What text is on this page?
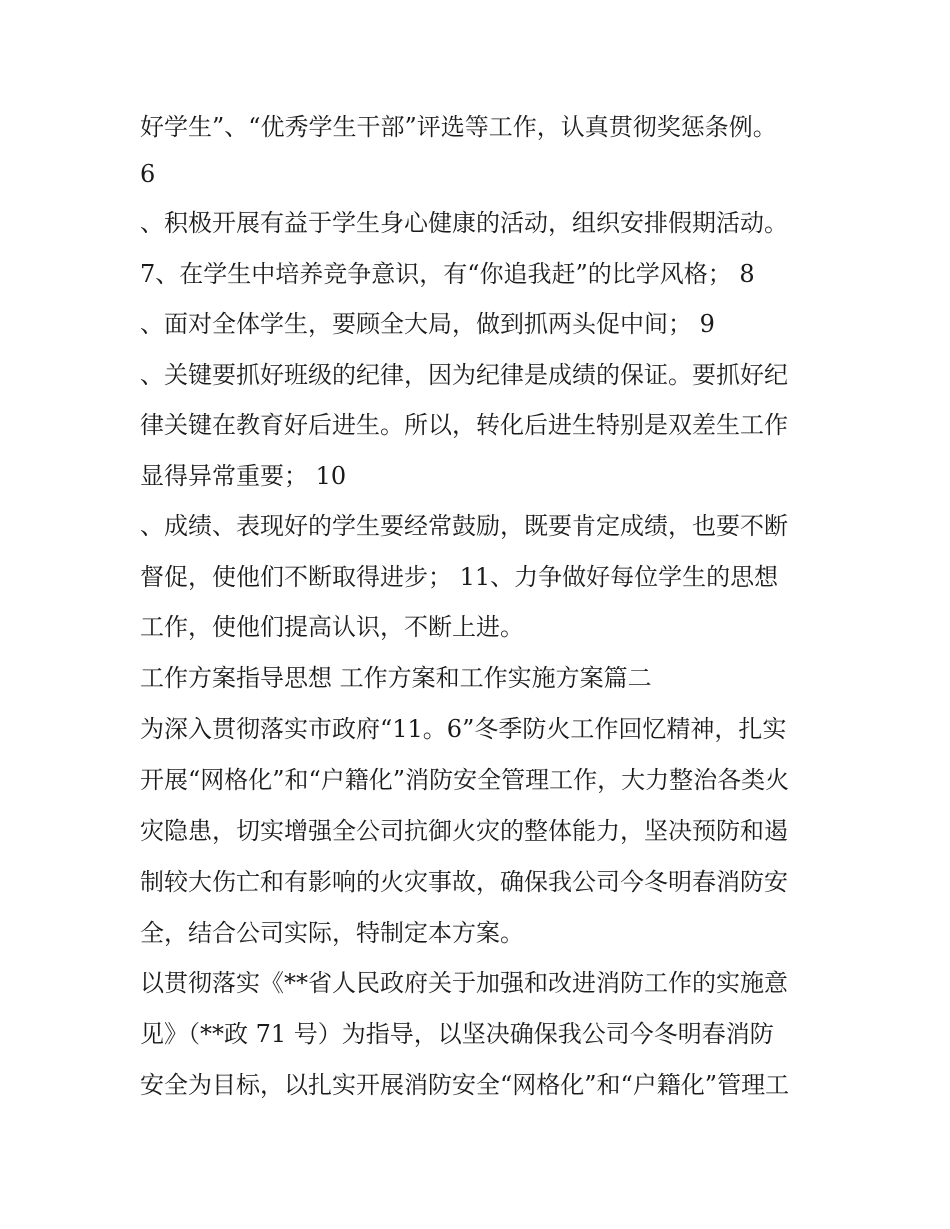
好学生”、“优秀学生干部”评选等工作，认真贯彻奖惩条例。
6
、积极开展有益于学生身心健康的活动，组织安排假期活动。
7、在学生中培养竞争意识，有“你追我赶”的比学风格； 8
、面对全体学生，要顾全大局，做到抓两头促中间； 9
、关键要抓好班级的纪律，因为纪律是成绩的保证。要抓好纪
律关键在教育好后进生。所以，转化后进生特别是双差生工作
显得异常重要； 10
、成绩、表现好的学生要经常鼓励，既要肯定成绩，也要不断
督促，使他们不断取得进步； 11、力争做好每位学生的思想
工作，使他们提高认识，不断上进。
工作方案指导思想 工作方案和工作实施方案篇二
为深入贯彻落实市政府“11。6”冬季防火工作回忆精神，扎实
开展“网格化”和“户籍化”消防安全管理工作，大力整治各类火
灾隐患，切实增强全公司抗御火灾的整体能力，坚决预防和遏
制较大伤亡和有影响的火灾事故，确保我公司今冬明春消防安
全，结合公司实际，特制定本方案。
以贯彻落实《**省人民政府关于加强和改进消防工作的实施意
见》（**政 71 号）为指导，以坚决确保我公司今冬明春消防
安全为目标，以扎实开展消防安全“网格化”和“户籍化”管理工
